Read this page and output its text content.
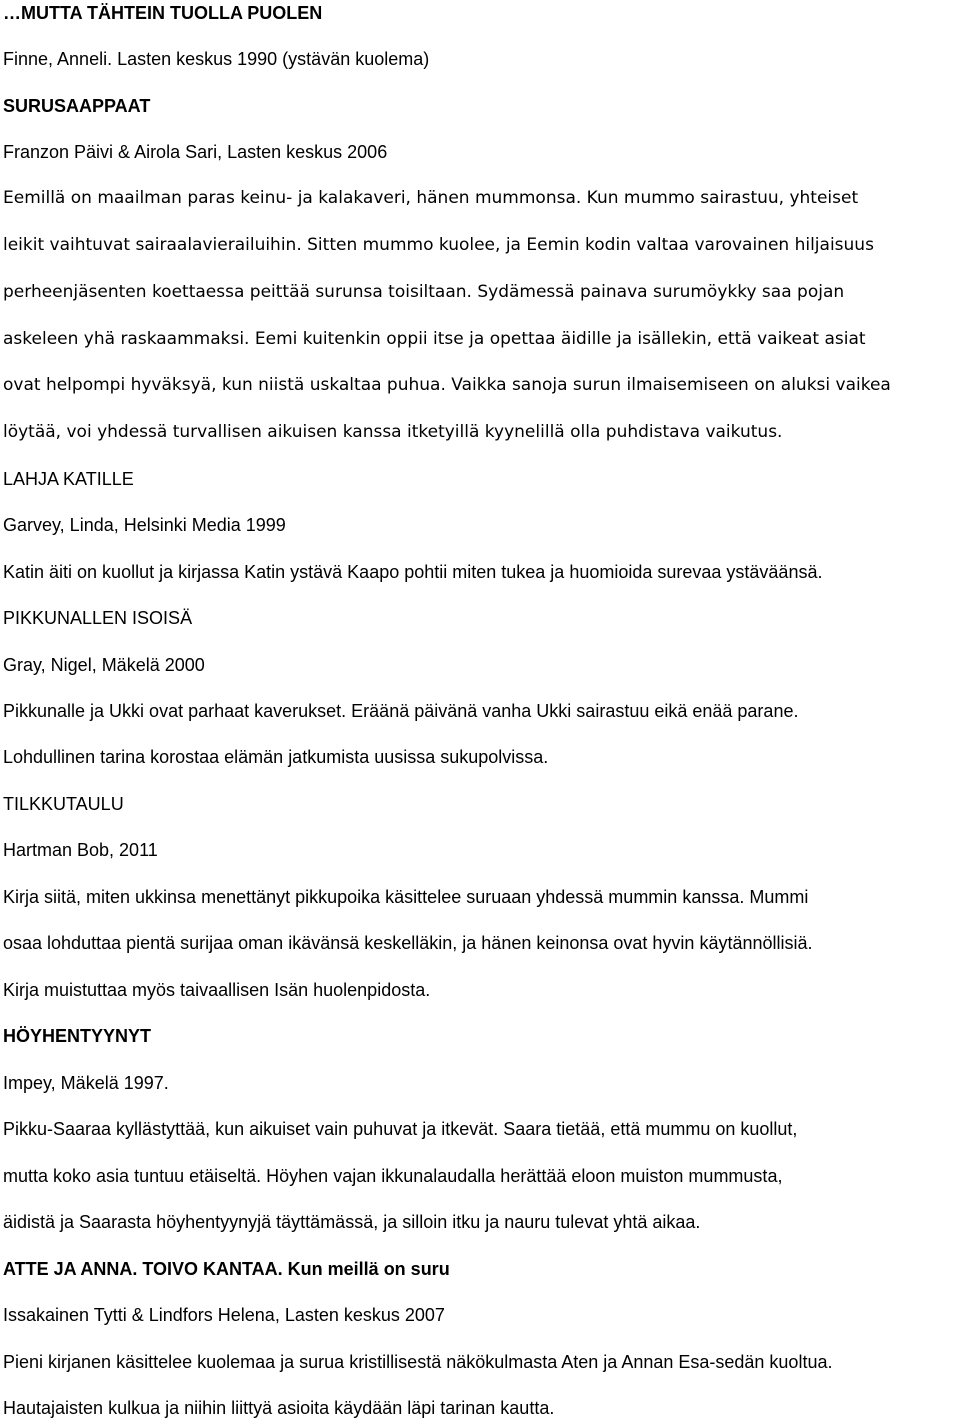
…MUTTA TÄHTEIN TUOLLA PUOLEN
Finne, Anneli. Lasten keskus 1990 (ystävän kuolema)
SURUSAAPPAAT
Franzon Päivi & Airola Sari, Lasten keskus 2006
Eemillä on maailman paras keinu- ja kalakaveri, hänen mummonsa. Kun mummo sairastuu, yhteiset
leikit vaihtuvat sairaalavierailuihin. Sitten mummo kuolee, ja Eemin kodin valtaa varovainen hiljaisuus
perheenjäsenten koettaessa peittää surunsa toisiltaan. Sydämessä painava surumöykky saa pojan
askeleen yhä raskaammaksi. Eemi kuitenkin oppii itse ja opettaa äidille ja isällekin, että vaikeat asiat
ovat helpompi hyväksyä, kun niistä uskaltaa puhua. Vaikka sanoja surun ilmaisemiseen on aluksi vaikea
löytää, voi yhdessä turvallisen aikuisen kanssa itketyillä kyynelillä olla puhdistava vaikutus.
LAHJA KATILLE
Garvey, Linda, Helsinki Media 1999
Katin äiti on kuollut ja kirjassa Katin ystävä Kaapo pohtii miten tukea ja huomioida surevaa ystäväänsä.
PIKKUNALLEN ISOISÄ
Gray, Nigel, Mäkelä 2000
Pikkunalle ja Ukki ovat parhaat kaverukset. Eräänä päivänä vanha Ukki sairastuu eikä enää parane.
Lohdullinen tarina korostaa elämän jatkumista uusissa sukupolvissa.
TILKKUTAULU
Hartman Bob, 2011
Kirja siitä, miten ukkinsa menettänyt pikkupoika käsittelee suruaan yhdessä mummin kanssa. Mummi
osaa lohduttaa pientä surijaa oman ikävänsä keskelläkin, ja hänen keinonsa ovat hyvin käytännöllisiä.
Kirja muistuttaa myös taivaallisen Isän huolenpidosta.
HÖYHENTYYNYT
Impey, Mäkelä 1997.
Pikku-Saaraa kyllästyttää, kun aikuiset vain puhuvat ja itkevät. Saara tietää, että mummu on kuollut,
mutta koko asia tuntuu etäiseltä. Höyhen vajan ikkunalaudalla herättää eloon muiston mummusta,
äidistä ja Saarasta höyhentyynyjä täyttämässä, ja silloin itku ja nauru tulevat yhtä aikaa.
ATTE JA ANNA. TOIVO KANTAA. Kun meillä on suru
Issakainen Tytti & Lindfors Helena, Lasten keskus 2007
Pieni kirjanen käsittelee kuolemaa ja surua kristillisestä näkökulmasta Aten ja Annan Esa-sedän kuoltua.
Hautajaisten kulkua ja niihin liittyä asioita käydään läpi tarinan kautta.
